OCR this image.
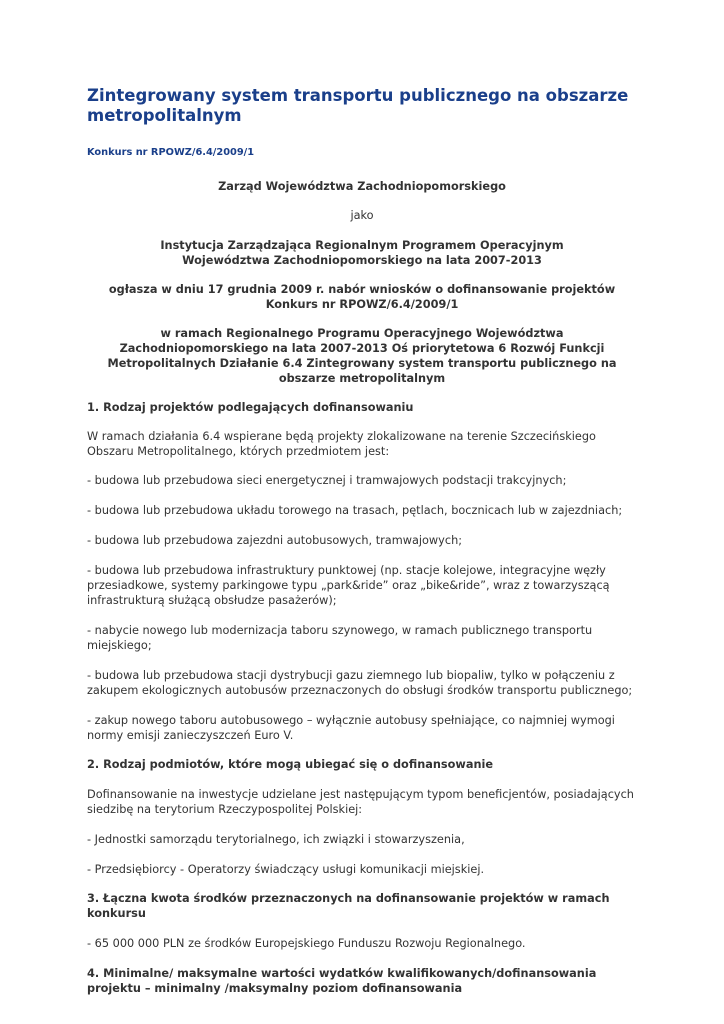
Zintegrowany system transportu publicznego na obszarze metropolitalnym
Konkurs nr RPOWZ/6.4/2009/1
Zarząd Województwa Zachodniopomorskiego
jako
Instytucja Zarządzająca Regionalnym Programem Operacyjnym Województwa Zachodniopomorskiego na lata 2007-2013
ogłasza w dniu 17 grudnia 2009 r. nabór wniosków o dofinansowanie projektów Konkurs nr RPOWZ/6.4/2009/1
w ramach Regionalnego Programu Operacyjnego Województwa Zachodniopomorskiego na lata 2007-2013 Oś priorytetowa 6 Rozwój Funkcji Metropolitalnych Działanie 6.4 Zintegrowany system transportu publicznego na obszarze metropolitalnym
1. Rodzaj projektów podlegających dofinansowaniu

W ramach działania 6.4 wspierane będą projekty zlokalizowane na terenie Szczecińskiego Obszaru Metropolitalnego, których przedmiotem jest:

- budowa lub przebudowa sieci energetycznej i tramwajowych podstacji trakcyjnych;

- budowa lub przebudowa układu torowego na trasach, pętlach, bocznicach lub w zajezdniach;

- budowa lub przebudowa zajezdni autobusowych, tramwajowych;

- budowa lub przebudowa infrastruktury punktowej (np. stacje kolejowe, integracyjne węzły przesiadkowe, systemy parkingowe typu „park&ride” oraz „bike&ride”, wraz z towarzyszącą infrastrukturą służącą obsłudze pasażerów);

- nabycie nowego lub modernizacja taboru szynowego, w ramach publicznego transportu miejskiego;

- budowa lub przebudowa stacji dystrybucji gazu ziemnego lub biopaliw, tylko w połączeniu z zakupem ekologicznych autobusów przeznaczonych do obsługi środków transportu publicznego;

- zakup nowego taboru autobusowego – wyłącznie autobusy spełniające, co najmniej wymogi normy emisji zanieczyszczeń Euro V.

2. Rodzaj podmiotów, które mogą ubiegać się o dofinansowanie

Dofinansowanie na inwestycje udzielane jest następującym typom beneficjentów, posiadających siedzibę na terytorium Rzeczypospolitej Polskiej:

- Jednostki samorządu terytorialnego, ich związki i stowarzyszenia,

- Przedsiębiorcy - Operatorzy świadczący usługi komunikacji miejskiej.

3. Łączna kwota środków przeznaczonych na dofinansowanie projektów w ramach konkursu

- 65 000 000 PLN ze środków Europejskiego Funduszu Rozwoju Regionalnego.

4. Minimalne/ maksymalne wartości wydatków kwalifikowanych/dofinansowania projektu – minimalny /maksymalny poziom dofinansowania
